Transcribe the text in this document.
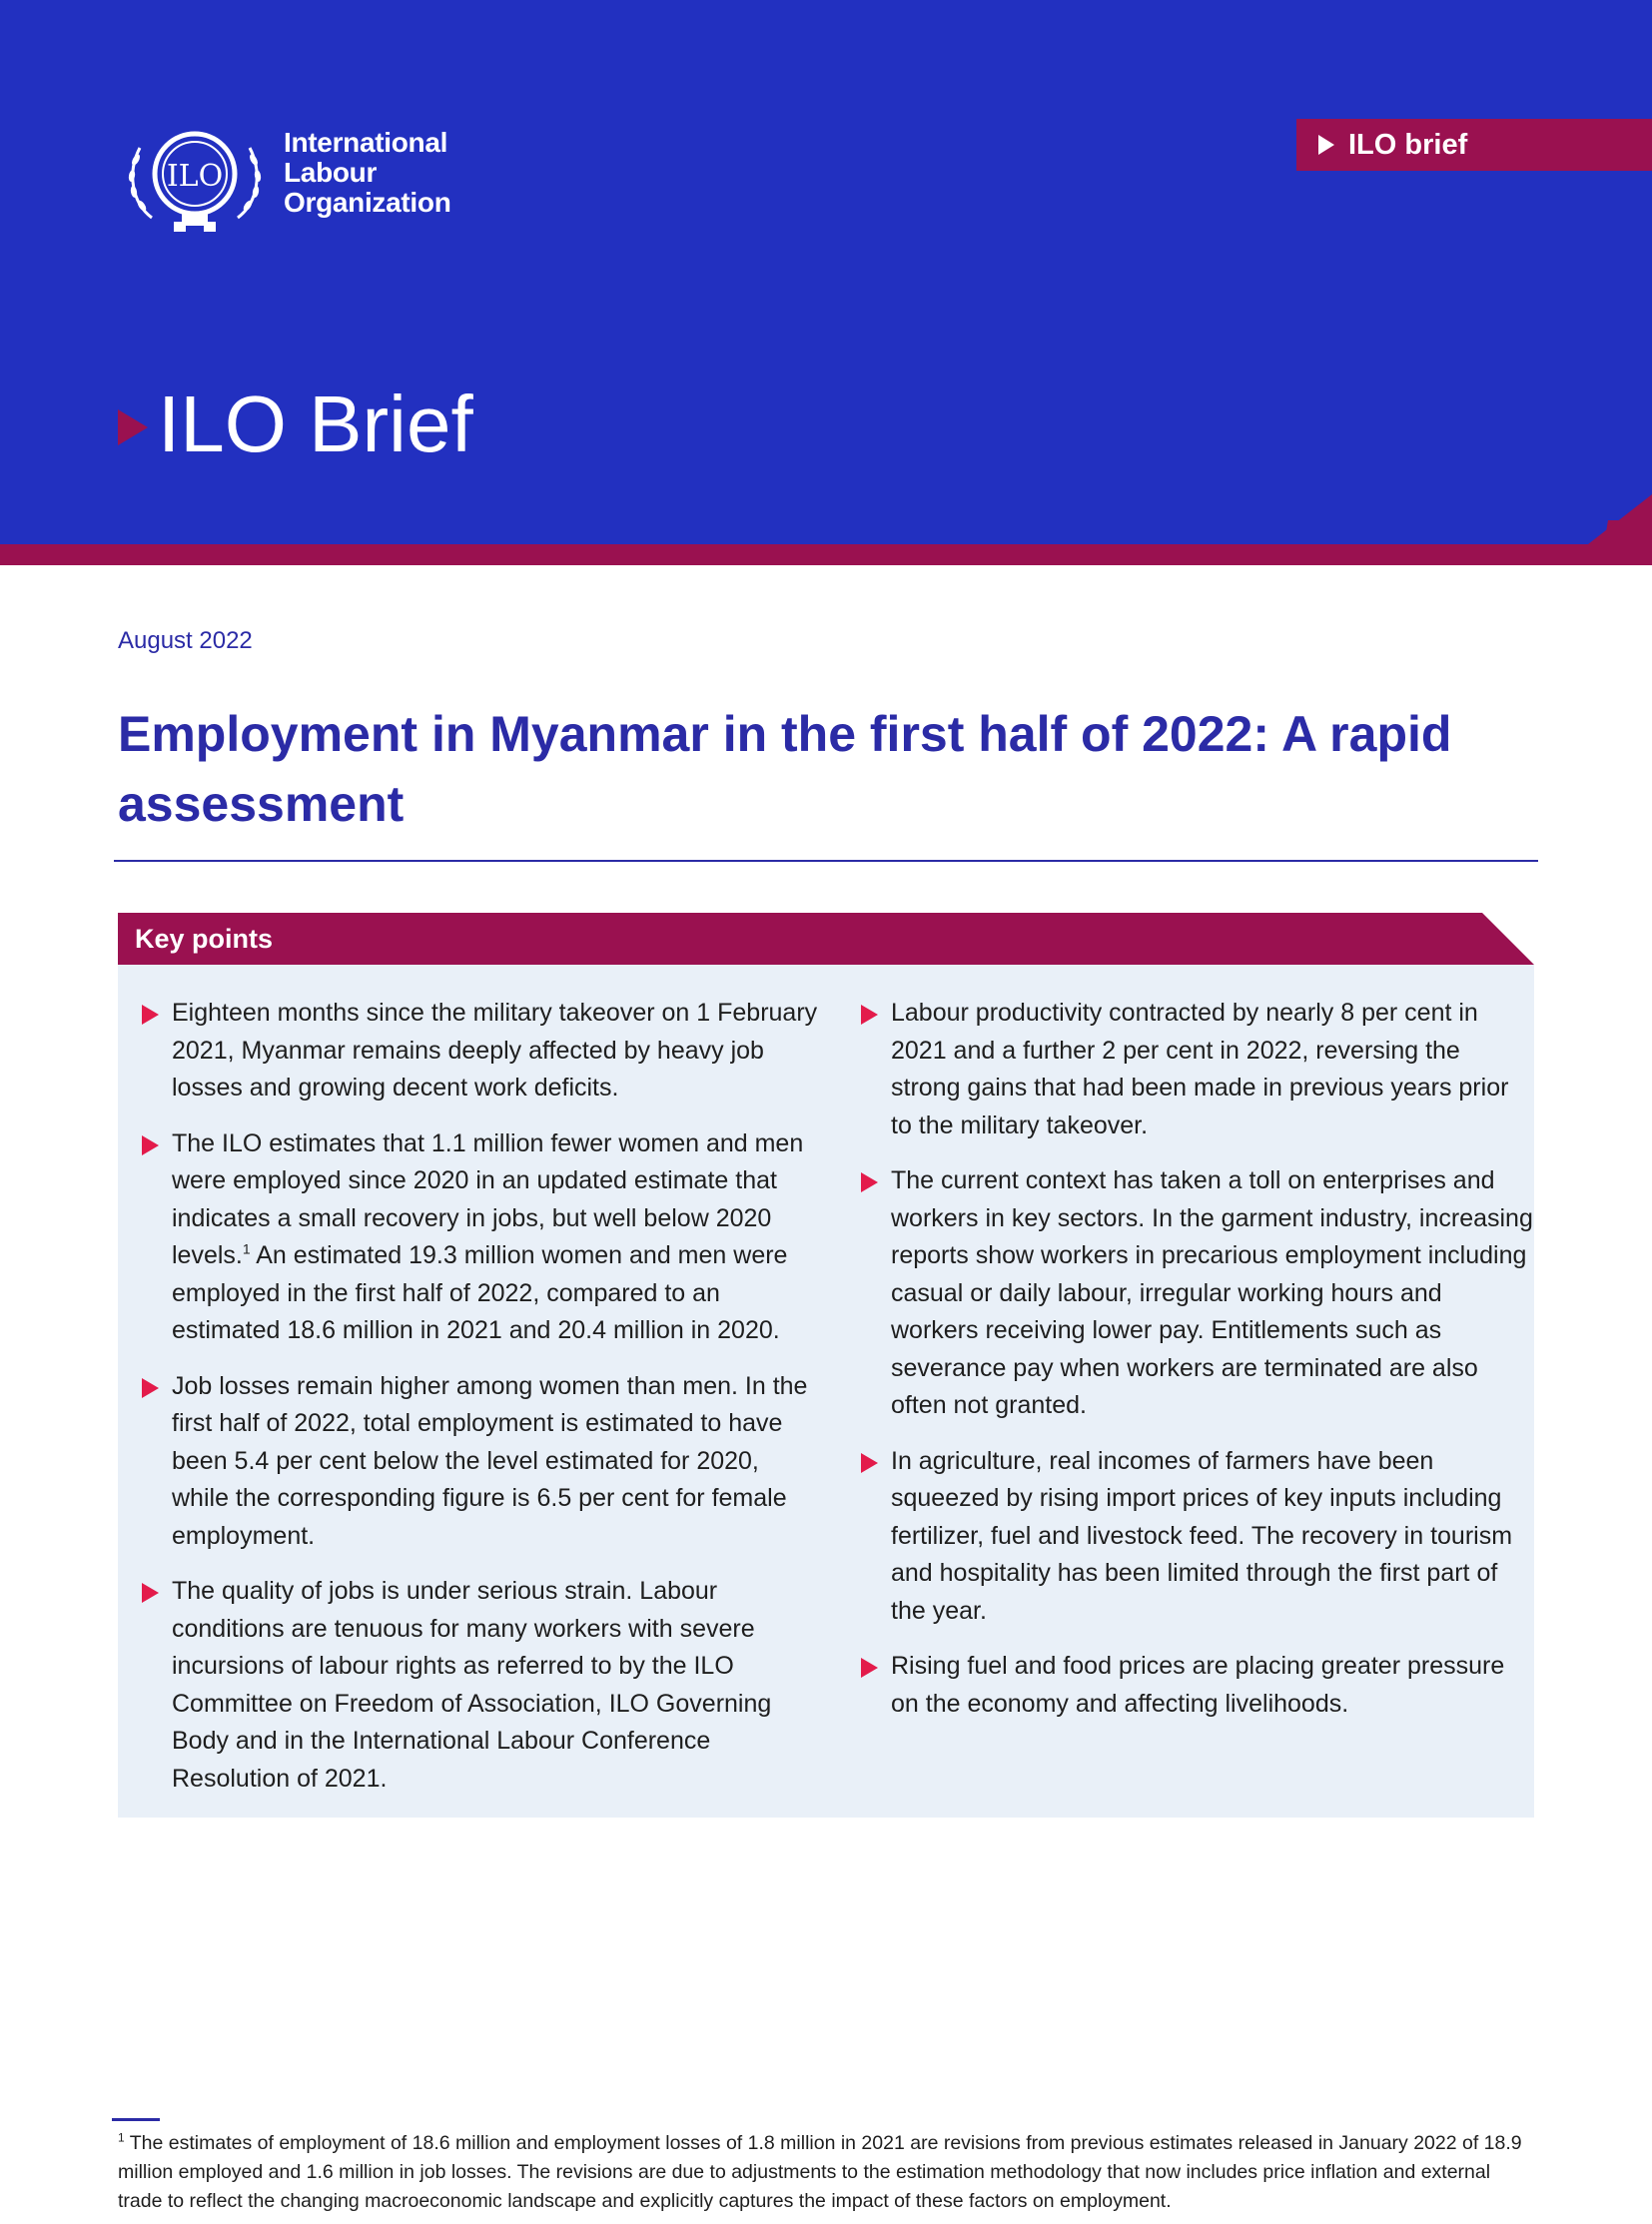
ILO
International
Labour
Organization
ILO brief
ILO Brief
August 2022
Employment in Myanmar in the first half of 2022: A rapid assessment
Key points
Eighteen months since the military takeover on 1 February 2021, Myanmar remains deeply affected by heavy job losses and growing decent work deficits.
The ILO estimates that 1.1 million fewer women and men were employed since 2020 in an updated estimate that indicates a small recovery in jobs, but well below 2020 levels.$^1$ An estimated 19.3 million women and men were employed in the first half of 2022, compared to an estimated 18.6 million in 2021 and 20.4 million in 2020.
Job losses remain higher among women than men. In the first half of 2022, total employment is estimated to have been 5.4 per cent below the level estimated for 2020, while the corresponding figure is 6.5 per cent for female employment.
The quality of jobs is under serious strain. Labour conditions are tenuous for many workers with severe incursions of labour rights as referred to by the ILO Committee on Freedom of Association, ILO Governing Body and in the International Labour Conference Resolution of 2021.
Labour productivity contracted by nearly 8 per cent in 2021 and a further 2 per cent in 2022, reversing the strong gains that had been made in previous years prior to the military takeover.
The current context has taken a toll on enterprises and workers in key sectors. In the garment industry, increasing reports show workers in precarious employment including casual or daily labour, irregular working hours and workers receiving lower pay. Entitlements such as severance pay when workers are terminated are also often not granted.
In agriculture, real incomes of farmers have been squeezed by rising import prices of key inputs including fertilizer, fuel and livestock feed. The recovery in tourism and hospitality has been limited through the first part of the year.
Rising fuel and food prices are placing greater pressure on the economy and affecting livelihoods.
$^1$ The estimates of employment of 18.6 million and employment losses of 1.8 million in 2021 are revisions from previous estimates released in January 2022 of 18.9 million employed and 1.6 million in job losses. The revisions are due to adjustments to the estimation methodology that now includes price inflation and external trade to reflect the changing macroeconomic landscape and explicitly captures the impact of these factors on employment.
